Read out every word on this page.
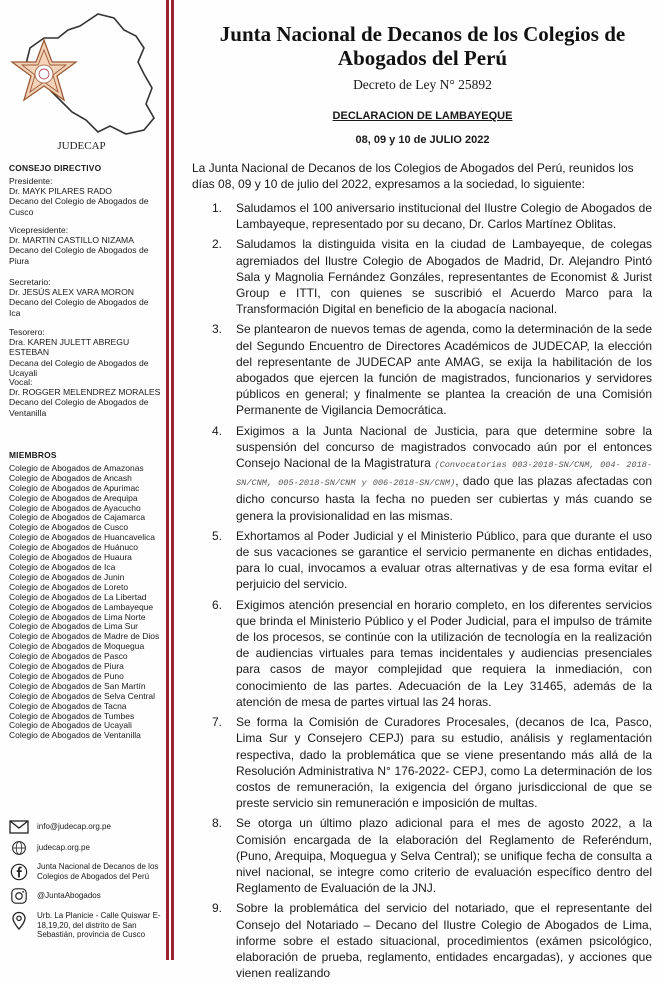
JUDECAP
CONSEJO DIRECTIVO
Presidente:
Dr. MAYK PILARES RADO
Decano del Colegio de Abogados de Cusco
Vicepresidente:
Dr. MARTIN CASTILLO NIZAMA
Decano del Colegio de Abogados de Piura
Secretario:
Dr. JESÚS ALEX VARA MORON
Decano del Colegio de Abogados de Ica
Tesorero:
Dra. KAREN JULETT ABREGU ESTEBAN
Decana del Colegio de Abogados de Ucayali
Vocal:
Dr. ROGGER MELENDREZ MORALES
Decano del Colegio de Abogados de Ventanilla
MIEMBROS
Colegio de Abogados de Amazonas
Colegio de Abogados de Ancash
Colegio de Abogados de Apurimac
Colegio de Abogados de Arequipa
Colegio de Abogados de Ayacucho
Colegio de Abogados de Cajamarca
Colegio de Abogados de Cusco
Colegio de Abogados de Huancavelica
Colegio de Abogados de Huánuco
Colegio de Abogados de Huaura
Colegio de Abogados de Ica
Colegio de Abogados de Junin
Colegio de Abogados de Loreto
Colegio de Abogados de La Libertad
Colegio de Abogados de Lambayeque
Colegio de Abogados de Lima Norte
Colegio de Abogados de Lima Sur
Colegio de Abogados de Madre de Dios
Colegio de Abogados de Moquegua
Colegio de Abogados de Pasco
Colegio de Abogados de Piura
Colegio de Abogados de Puno
Colegio de Abogados de San Martín
Colegio de Abogados de Selva Central
Colegio de Abogados de Tacna
Colegio de Abogados de Tumbes
Colegio de Abogados de Ucayali
Colegio de Abogados de Ventanilla
info@judecap.org.pe
judecap.org.pe
Junta Nacional de Decanos de los Colegios de Abogados del Perú
@JuntaAbogados
Urb. La Planicie - Calle Quiswar E- 18,19,20, del distrito de San Sebastián, provincia de Cusco
Junta Nacional de Decanos de los Colegios de Abogados del Perú
Decreto de Ley N° 25892
DECLARACION DE LAMBAYEQUE
08, 09 y 10 de JULIO 2022
La Junta Nacional de Decanos de los Colegios de Abogados del Perú, reunidos los días 08, 09 y 10 de julio del 2022, expresamos a la sociedad, lo siguiente:
1. Saludamos el 100 aniversario institucional del Ilustre Colegio de Abogados de Lambayeque, representado por su decano, Dr. Carlos Martínez Oblitas.
2. Saludamos la distinguida visita en la ciudad de Lambayeque, de colegas agremiados del Ilustre Colegio de Abogados de Madrid, Dr. Alejandro Pintó Sala y Magnolia Fernández Gonzáles, representantes de Economist & Jurist Group e ITTI, con quienes se suscribió el Acuerdo Marco para la Transformación Digital en beneficio de la abogacía nacional.
3. Se plantearon de nuevos temas de agenda, como la determinación de la sede del Segundo Encuentro de Directores Académicos de JUDECAP, la elección del representante de JUDECAP ante AMAG, se exija la habilitación de los abogados que ejercen la función de magistrados, funcionarios y servidores públicos en general; y finalmente se plantea la creación de una Comisión Permanente de Vigilancia Democrática.
4. Exigimos a la Junta Nacional de Justicia, para que determine sobre la suspensión del concurso de magistrados convocado aún por el entonces Consejo Nacional de la Magistratura (Convocatorias 003-2018-SN/CNM, 004- 2018-SN/CNM, 005-2018-SN/CNM y 006-2018-SN/CNM), dado que las plazas afectadas con dicho concurso hasta la fecha no pueden ser cubiertas y más cuando se genera la provisionalidad en las mismas.
5. Exhortamos al Poder Judicial y el Ministerio Público, para que durante el uso de sus vacaciones se garantice el servicio permanente en dichas entidades, para lo cual, invocamos a evaluar otras alternativas y de esa forma evitar el perjuicio del servicio.
6. Exigimos atención presencial en horario completo, en los diferentes servicios que brinda el Ministerio Público y el Poder Judicial, para el impulso de trámite de los procesos, se continúe con la utilización de tecnología en la realización de audiencias virtuales para temas incidentales y audiencias presenciales para casos de mayor complejidad que requiera la inmediación, con conocimiento de las partes. Adecuación de la Ley 31465, además de la atención de mesa de partes virtual las 24 horas.
7. Se forma la Comisión de Curadores Procesales, (decanos de Ica, Pasco, Lima Sur y Consejero CEPJ) para su estudio, análisis y reglamentación respectiva, dado la problemática que se viene presentando más allá de la Resolución Administrativa N° 176-2022- CEPJ, como La determinación de los costos de remuneración, la exigencia del órgano jurisdiccional de que se preste servicio sin remuneración e imposición de multas.
8. Se otorga un último plazo adicional para el mes de agosto 2022, a la Comisión encargada de la elaboración del Reglamento de Referéndum, (Puno, Arequipa, Moquegua y Selva Central); se unifique fecha de consulta a nivel nacional, se integre como criterio de evaluación específico dentro del Reglamento de Evaluación de la JNJ.
9. Sobre la problemática del servicio del notariado, que el representante del Consejo del Notariado – Decano del Ilustre Colegio de Abogados de Lima, informe sobre el estado situacional, procedimientos (exámen psicológico, elaboración de prueba, reglamento, entidades encargadas), y acciones que vienen realizando
